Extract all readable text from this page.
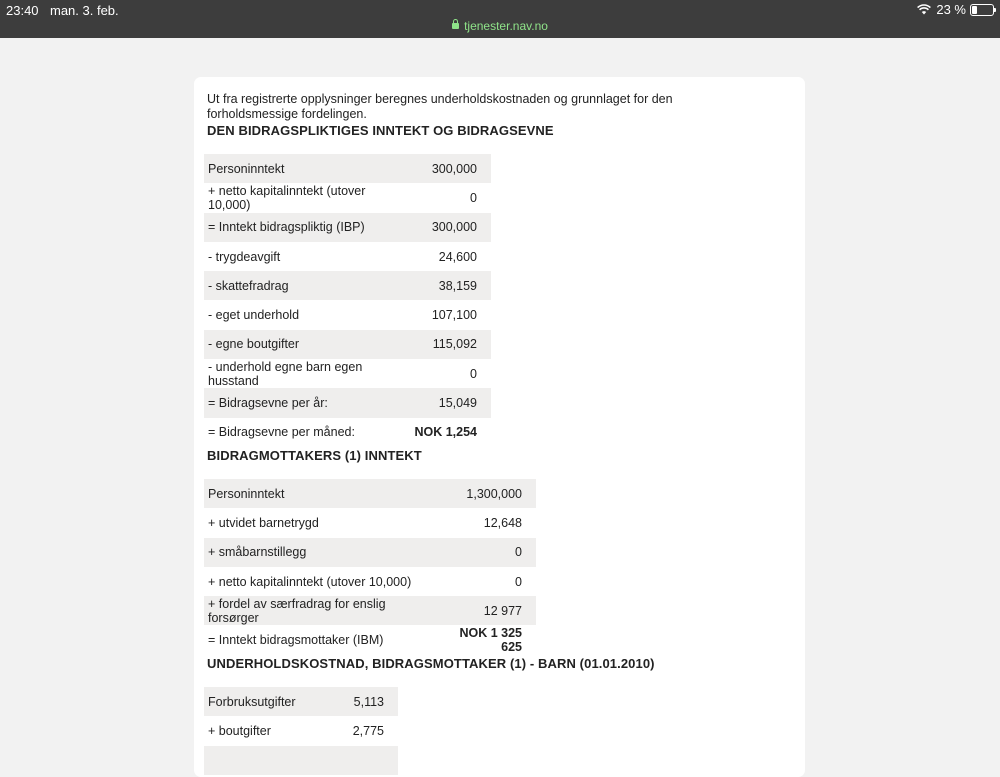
23:40 man. 3. feb.
tjenester.nav.no
23 %
Ut fra registrerte opplysninger beregnes underholdskostnaden og grunnlaget for den forholdsmessige fordelingen.
DEN BIDRAGSPLIKTIGES INNTEKT OG BIDRAGSEVNE
Personinntekt	300,000
+ netto kapitalinntekt (utover 10,000)	0
= Inntekt bidragspliktig (IBP)	300,000
- trygdeavgift	24,600
- skattefradrag	38,159
- eget underhold	107,100
- egne boutgifter	115,092
- underhold egne barn egen husstand	0
= Bidragsevne per år:	15,049
= Bidragsevne per måned:	NOK 1,254
BIDRAGMOTTAKERS (1) INNTEKT
Personinntekt	1,300,000
+ utvidet barnetrygd	12,648
+ småbarnstillegg	0
+ netto kapitalinntekt (utover 10,000)	0
+ fordel av særfradrag for enslig forsørger	12 977
= Inntekt bidragsmottaker (IBM)	NOK 1 325 625
UNDERHOLDSKOSTNAD, BIDRAGSMOTTAKER (1) - BARN (01.01.2010)
Forbruksutgifter	5,113
+ boutgifter	2,775
